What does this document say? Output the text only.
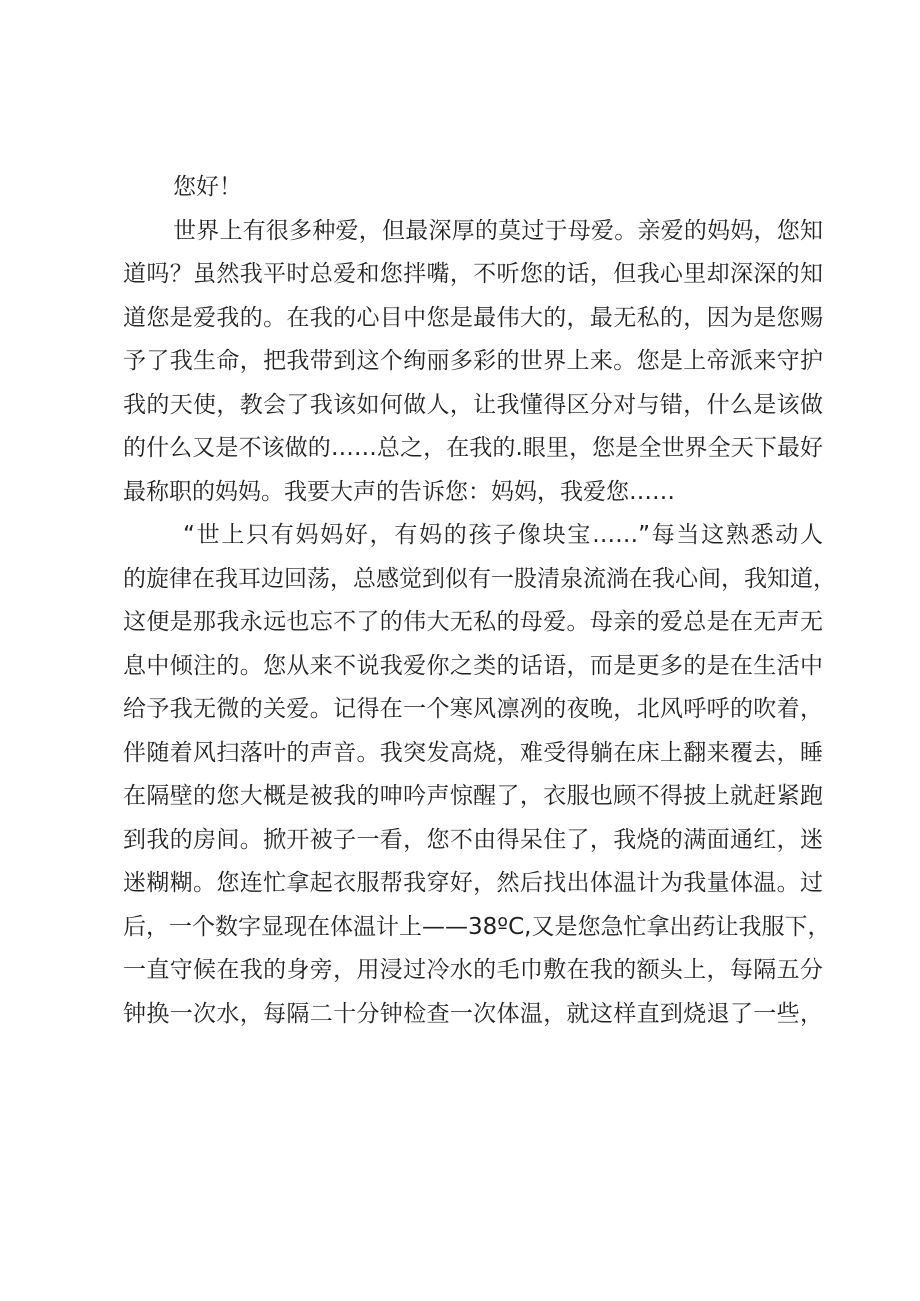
您好！
世界上有很多种爱，但最深厚的莫过于母爱。亲爱的妈妈，您知
道吗？虽然我平时总爱和您拌嘴，不听您的话，但我心里却深深的知
道您是爱我的。在我的心目中您是最伟大的，最无私的，因为是您赐
予了我生命，把我带到这个绚丽多彩的世界上来。您是上帝派来守护
我的天使，教会了我该如何做人，让我懂得区分对与错，什么是该做
的什么又是不该做的……总之，在我的.眼里，您是全世界全天下最好
最称职的妈妈。我要大声的告诉您：妈妈，我爱您……
“世上只有妈妈好，有妈的孩子像块宝……”每当这熟悉动人
的旋律在我耳边回荡，总感觉到似有一股清泉流淌在我心间，我知道，
这便是那我永远也忘不了的伟大无私的母爱。母亲的爱总是在无声无
息中倾注的。您从来不说我爱你之类的话语，而是更多的是在生活中
给予我无微的关爱。记得在一个寒风凛冽的夜晚，北风呼呼的吹着，
伴随着风扫落叶的声音。我突发高烧，难受得躺在床上翻来覆去，睡
在隔壁的您大概是被我的呻吟声惊醒了，衣服也顾不得披上就赶紧跑
到我的房间。掀开被子一看，您不由得呆住了，我烧的满面通红，迷
迷糊糊。您连忙拿起衣服帮我穿好，然后找出体温计为我量体温。过
后，一个数字显现在体温计上——38ºC,又是您急忙拿出药让我服下，
一直守候在我的身旁，用浸过冷水的毛巾敷在我的额头上，每隔五分
钟换一次水，每隔二十分钟检查一次体温，就这样直到烧退了一些，
